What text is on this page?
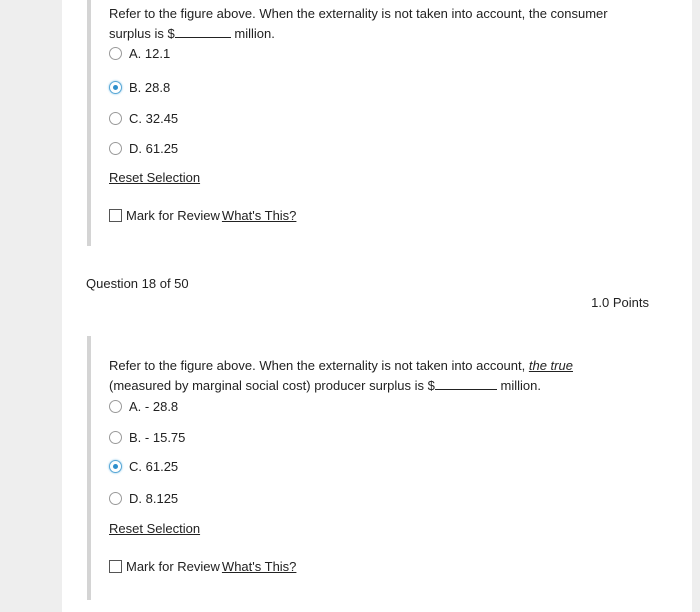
Refer to the figure above. When the externality is not taken into account, the consumer
surplus is $	million.
A.
12.1
B.
28.8
C.
32.45
D.
61.25
Reset Selection
Mark for Review What's This?
Question 18 of 50
1.0 Points
Refer to the figure above. When the externality is not taken into account, the true
(measured by marginal social cost) producer surplus is $	million.
A.
- 28.8
B.
- 15.75
C.
61.25
D.
8.125
Reset Selection
Mark for Review What's This?
